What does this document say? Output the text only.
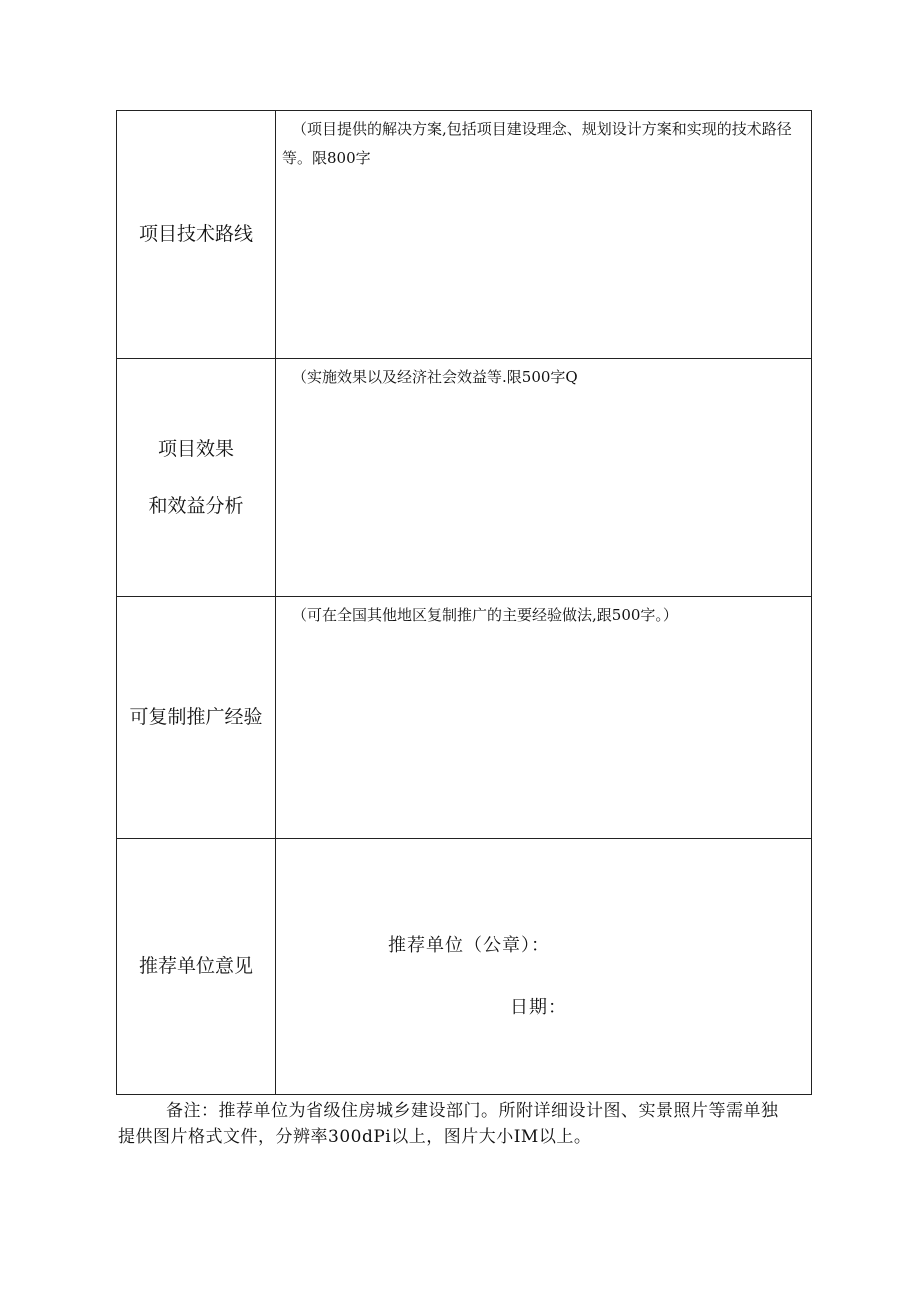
项目技术路线	（项目提供的解决方案,包括项目建设理念、规划设计方案和实现的技术路径等。限800字

项目效果
和效益分析	（实施效果以及经济社会效益等.限500字Q

可复制推广经验	（可在全国其他地区复制推广的主要经验做法,跟500字。）

推荐单位意见	推荐单位（公章）：
日期：
备注：推荐单位为省级住房城乡建设部门。所附详细设计图、实景照片等需单独提供图片格式文件，分辨率300dPi以上，图片大小IM以上。
